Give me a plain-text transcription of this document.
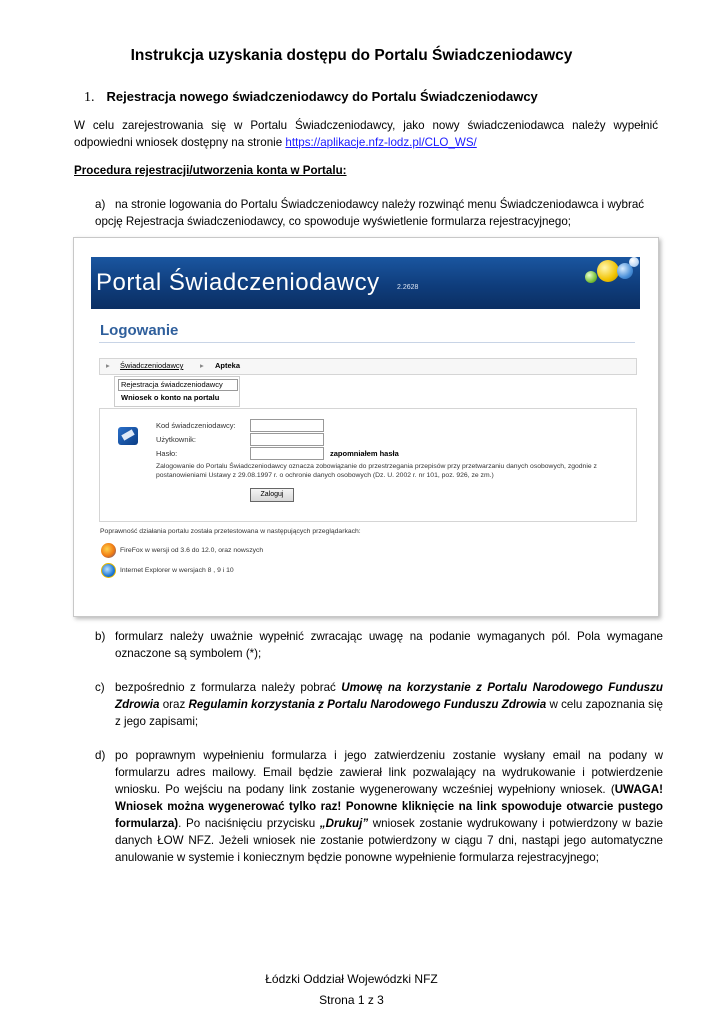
Instrukcja uzyskania dostępu do Portalu Świadczeniodawcy
1. Rejestracja nowego świadczeniodawcy do Portalu Świadczeniodawcy
W celu zarejestrowania się w Portalu Świadczeniodawcy, jako nowy świadczeniodawca należy wypełnić odpowiedni wniosek dostępny na stronie https://aplikacje.nfz-lodz.pl/CLO_WS/
Procedura rejestracji/utworzenia konta w Portalu:
a) na stronie logowania do Portalu Świadczeniodawcy należy rozwinąć menu Świadczeniodawca i wybrać opcję Rejestracja świadczeniodawcy, co spowoduje wyświetlenie formularza rejestracyjnego;
Portal Świadczeniodawcy 2.2628
Logowanie
▸ Świadczeniodawcy ▸ Apteka
Rejestracja świadczeniodawcy
Wniosek o konto na portalu
Kod świadczeniodawcy:
Użytkownik:
Hasło:	zapomniałem hasła
Zalogowanie do Portalu Świadczeniodawcy oznacza zobowiązanie do przestrzegania przepisów przy przetwarzaniu danych osobowych, zgodnie z postanowieniami Ustawy z 29.08.1997 r. o ochronie danych osobowych (Dz. U. 2002 r. nr 101, poz. 926, ze zm.)
Zaloguj
Poprawność działania portalu została przetestowana w następujących przeglądarkach:
FireFox w wersji od 3.6 do 12.0, oraz nowszych
Internet Explorer w wersjach 8 , 9 i 10
b) formularz należy uważnie wypełnić zwracając uwagę na podanie wymaganych pól. Pola wymagane oznaczone są symbolem (*);
c) bezpośrednio z formularza należy pobrać Umowę na korzystanie z Portalu Narodowego Funduszu Zdrowia oraz Regulamin korzystania z Portalu Narodowego Funduszu Zdrowia w celu zapoznania się z jego zapisami;
d) po poprawnym wypełnieniu formularza i jego zatwierdzeniu zostanie wysłany email na podany w formularzu adres mailowy. Email będzie zawierał link pozwalający na wydrukowanie i potwierdzenie wniosku. Po wejściu na podany link zostanie wygenerowany wcześniej wypełniony wniosek. (UWAGA! Wniosek można wygenerować tylko raz! Ponowne kliknięcie na link spowoduje otwarcie pustego formularza). Po naciśnięciu przycisku „Drukuj” wniosek zostanie wydrukowany i potwierdzony w bazie danych ŁOW NFZ. Jeżeli wniosek nie zostanie potwierdzony w ciągu 7 dni, nastąpi jego automatyczne anulowanie w systemie i koniecznym będzie ponowne wypełnienie formularza rejestracyjnego;
Łódzki Oddział Wojewódzki NFZ
Strona 1 z 3
